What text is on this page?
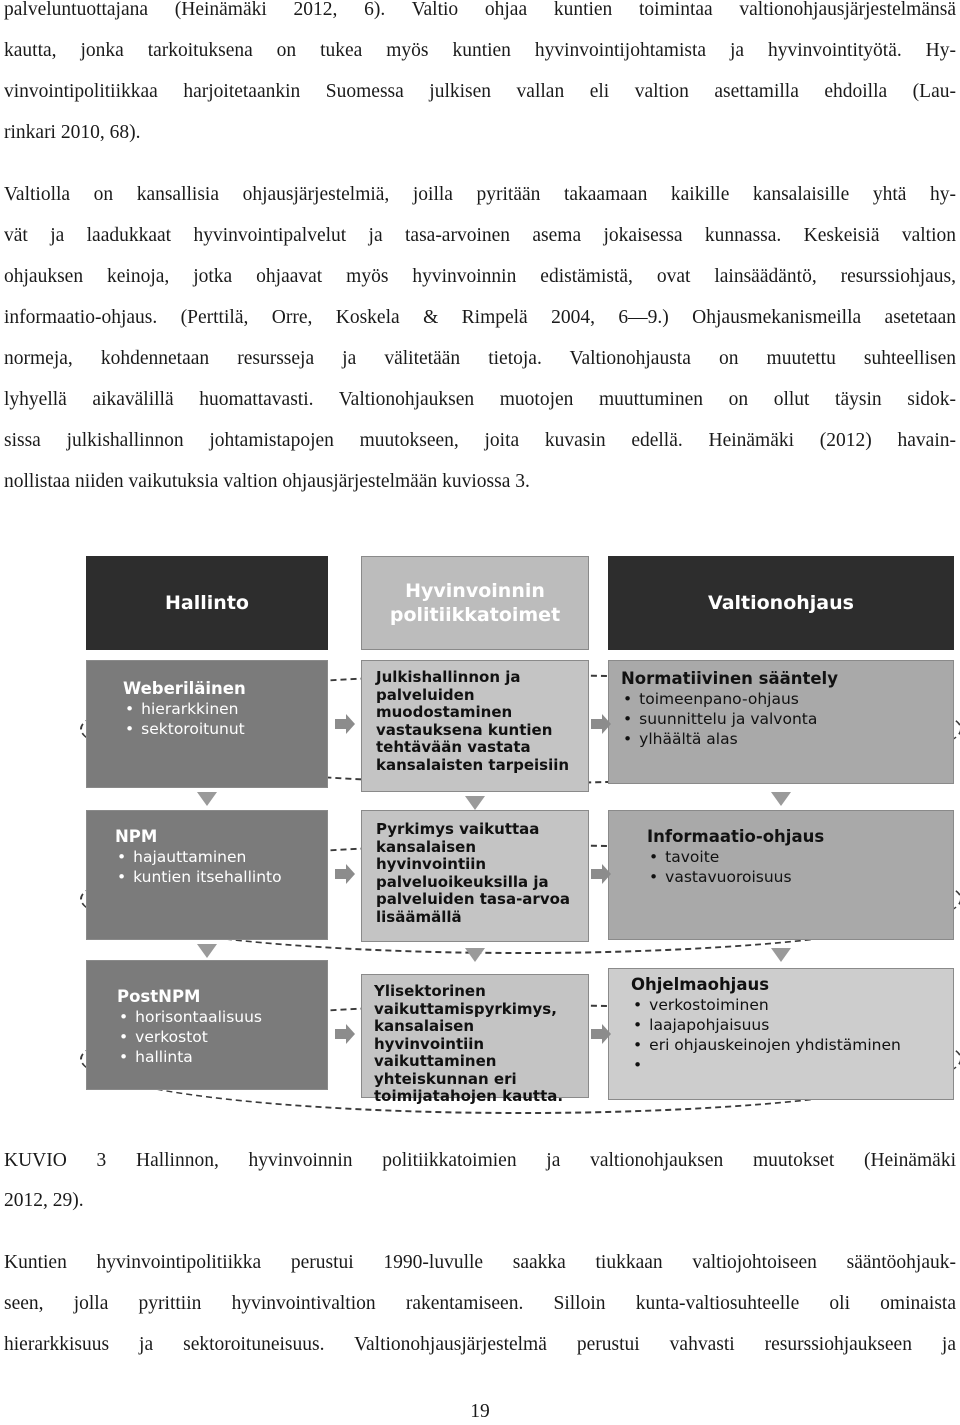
palveluntuottajana (Heinämäki 2012, 6). Valtio ohjaa kuntien toimintaa valtionohjausjärjestelmänsä
kautta, jonka tarkoituksena on tukea myös kuntien hyvinvointijohtamista ja hyvinvointityötä. Hy-
vinvointipolitiikkaa harjoitetaankin Suomessa julkisen vallan eli valtion asettamilla ehdoilla (Lau-
rinkari 2010, 68).
Valtiolla on kansallisia ohjausjärjestelmiä, joilla pyritään takaamaan kaikille kansalaisille yhtä hy-
vät ja laadukkaat hyvinvointipalvelut ja tasa-arvoinen asema jokaisessa kunnassa. Keskeisiä valtion
ohjauksen keinoja, jotka ohjaavat myös hyvinvoinnin edistämistä, ovat lainsäädäntö, resurssiohjaus,
informaatio-ohjaus. (Perttilä, Orre, Koskela & Rimpelä 2004, 6—9.) Ohjausmekanismeilla asetetaan
normeja, kohdennetaan resursseja ja välitetään tietoja. Valtionohjausta on muutettu suhteellisen
lyhyellä aikavälillä huomattavasti. Valtionohjauksen muotojen muuttuminen on ollut täysin sidok-
sissa julkishallinnon johtamistapojen muutokseen, joita kuvasin edellä. Heinämäki (2012) havain-
nollistaa niiden vaikutuksia valtion ohjausjärjestelmään kuviossa 3.
Hallinto
Hyvinvoinnin politiikkatoimet
Valtionohjaus
Weberiläinen
• hierarkkinen
• sektoroitunut
Julkishallinnon ja palveluiden muodostaminen vastauksena kuntien tehtävään vastata kansalaisten tarpeisiin
Normatiivinen sääntely
• toimeenpano-ohjaus
• suunnittelu ja valvonta
• ylhäältä alas
NPM
• hajauttaminen
• kuntien itsehallinto
Pyrkimys vaikuttaa kansalaisen hyvinvointiin palveluoikeuksilla ja palveluiden tasa-arvoa lisäämällä
Informaatio-ohjaus
• tavoite
• vastavuoroisuus
PostNPM
• horisontaalisuus
• verkostot
• hallinta
Ylisektorinen vaikuttamispyrkimys, kansalaisen hyvinvointiin vaikuttaminen yhteiskunnan eri toimijatahojen kautta.
Ohjelmaohjaus
• verkostoiminen
• laajapohjaisuus
• eri ohjauskeinojen yhdistäminen
•
KUVIO 3 Hallinnon, hyvinvoinnin politiikkatoimien ja valtionohjauksen muutokset (Heinämäki
2012, 29).
Kuntien hyvinvointipolitiikka perustui 1990-luvulle saakka tiukkaan valtiojohtoiseen sääntöohjauk-
seen, jolla pyrittiin hyvinvointivaltion rakentamiseen. Silloin kunta-valtiosuhteelle oli ominaista
hierarkkisuus ja sektoroituneisuus. Valtionohjausjärjestelmä perustui vahvasti resurssiohjaukseen ja
19
